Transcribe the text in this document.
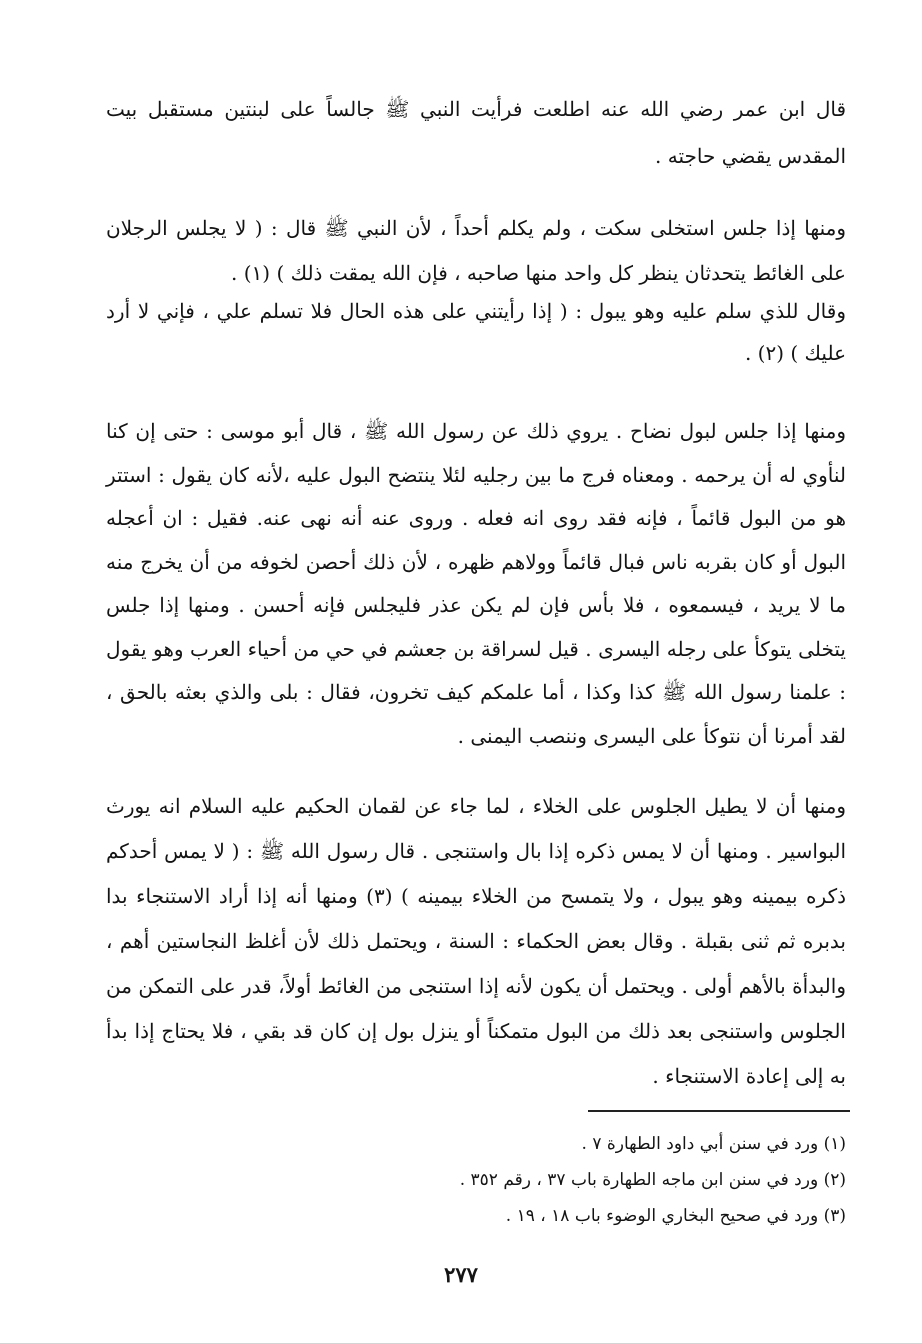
قال ابن عمر رضي الله عنه اطلعت فرأيت النبي ﷺ جالساً على لبنتين مستقبل بيت المقدس يقضي حاجته .

ومنها إذا جلس استخلى سكت ، ولم يكلم أحداً ، لأن النبي ﷺ قال : ( لا يجلس الرجلان على الغائط يتحدثان ينظر كل واحد منها صاحبه ، فإن الله يمقت ذلك ) (١) .

وقال للذي سلم عليه وهو يبول : ( إذا رأيتني على هذه الحال فلا تسلم علي ، فإني لا أرد عليك ) (٢) .

ومنها إذا جلس لبول نضاح . يروي ذلك عن رسول الله ﷺ ، قال أبو موسى : حتى إن كنا لنأوي له أن يرحمه . ومعناه فرج ما بين رجليه لئلا ينتضح البول عليه ،لأنه كان يقول : استتر هو من البول قائماً ، فإنه فقد روى انه فعله . وروى عنه أنه نهى عنه. فقيل : ان أعجله البول أو كان بقربه ناس فبال قائماً وولاهم ظهره ، لأن ذلك أحصن لخوفه من أن يخرج منه ما لا يريد ، فيسمعوه ، فلا بأس فإن لم يكن عذر فليجلس فإنه أحسن . ومنها إذا جلس يتخلى يتوكأ على رجله اليسرى . قيل لسراقة بن جعشم في حي من أحياء العرب وهو يقول : علمنا رسول الله ﷺ كذا وكذا ، أما علمكم كيف تخرون، فقال : بلى والذي بعثه بالحق ، لقد أمرنا أن نتوكأ على اليسرى وننصب اليمنى .

ومنها أن لا يطيل الجلوس على الخلاء ، لما جاء عن لقمان الحكيم عليه السلام انه يورث البواسير . ومنها أن لا يمس ذكره إذا بال واستنجى . قال رسول الله ﷺ : ( لا يمس أحدكم ذكره بيمينه وهو يبول ، ولا يتمسح من الخلاء بيمينه ) (٣) ومنها أنه إذا أراد الاستنجاء بدا بدبره ثم ثنى بقبلة . وقال بعض الحكماء : السنة ، ويحتمل ذلك لأن أغلظ النجاستين أهم ، والبدأة بالأهم أولى . ويحتمل أن يكون لأنه إذا استنجى من الغائط أولاً، قدر على التمكن من الجلوس واستنجى بعد ذلك من البول متمكناً أو ينزل بول إن كان قد بقي ، فلا يحتاج إذا بدأ به إلى إعادة الاستنجاء .

(١) ورد في سنن أبي داود الطهارة ٧ .
(٢) ورد في سنن ابن ماجه الطهارة باب ٣٧ ، رقم ٣٥٢ .
(٣) ورد في صحيح البخاري الوضوء باب ١٨ ، ١٩ .
٢٧٧
